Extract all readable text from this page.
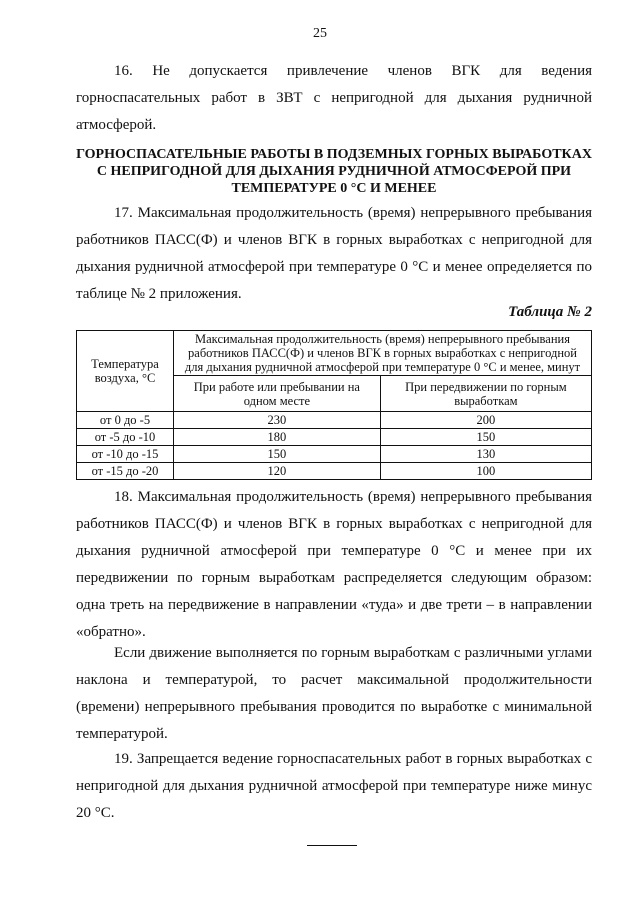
25

16. Не допускается привлечение членов ВГК для ведения горноспасательных работ в ЗВТ с непригодной для дыхания рудничной атмосферой.

ГОРНОСПАСАТЕЛЬНЫЕ РАБОТЫ В ПОДЗЕМНЫХ ГОРНЫХ ВЫРАБОТКАХ С НЕПРИГОДНОЙ ДЛЯ ДЫХАНИЯ РУДНИЧНОЙ АТМОСФЕРОЙ ПРИ ТЕМПЕРАТУРЕ 0 °С И МЕНЕЕ

17. Максимальная продолжительность (время) непрерывного пребывания работников ПАСС(Ф) и членов ВГК в горных выработках с непригодной для дыхания рудничной атмосферой при температуре 0 °С и менее определяется по таблице № 2 приложения.

Таблица № 2
Температура воздуха, °С	Максимальная продолжительность (время) непрерывного пребывания работников ПАСС(Ф) и членов ВГК в горных выработках с непригодной для дыхания рудничной атмосферой при температуре 0 °С и менее, минут	
	При работе или пребывании на одном месте	При передвижении по горным выработкам
от 0 до -5	230	200
от -5 до -10	180	150
от -10 до -15	150	130
от -15 до -20	120	100

18. Максимальная продолжительность (время) непрерывного пребывания работников ПАСС(Ф) и членов ВГК в горных выработках с непригодной для дыхания рудничной атмосферой при температуре 0 °С и менее при их передвижении по горным выработкам распределяется следующим образом: одна треть на передвижение в направлении «туда» и две трети – в направлении «обратно».

Если движение выполняется по горным выработкам с различными углами наклона и температурой, то расчет максимальной продолжительности (времени) непрерывного пребывания проводится по выработке с минимальной температурой.

19. Запрещается ведение горноспасательных работ в горных выработках с непригодной для дыхания рудничной атмосферой при температуре ниже минус 20 °С.
